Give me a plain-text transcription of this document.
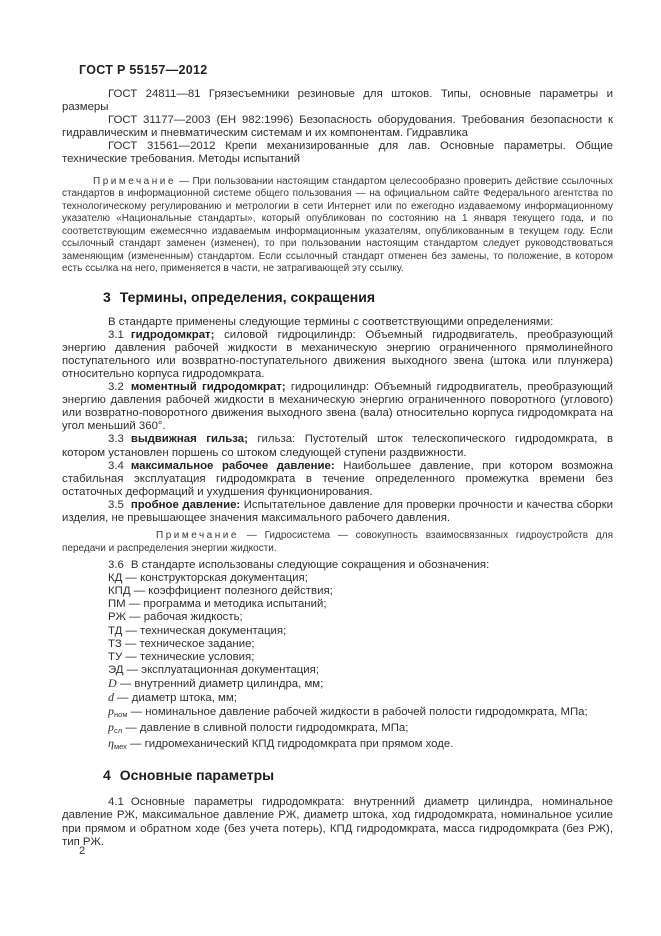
ГОСТ Р 55157—2012

ГОСТ 24811—81 Грязесъемники резиновые для штоков. Типы, основные параметры и размеры

ГОСТ 31177—2003 (ЕН 982:1996) Безопасность оборудования. Требования безопасности к гидравлическим и пневматическим системам и их компонентам. Гидравлика

ГОСТ 31561—2012 Крепи механизированные для лав. Основные параметры. Общие технические требования. Методы испытаний

Примечание — При пользовании настоящим стандартом целесообразно проверить действие ссылочных стандартов в информационной системе общего пользования — на официальном сайте Федерального агентства по технологическому регулированию и метрологии в сети Интернет или по ежегодно издаваемому информационному указателю «Национальные стандарты», который опубликован по состоянию на 1 января текущего года, и по соответствующим ежемесячно издаваемым информационным указателям, опубликованным в текущем году. Если ссылочный стандарт заменен (изменен), то при пользовании настоящим стандартом следует руководствоваться заменяющим (измененным) стандартом. Если ссылочный стандарт отменен без замены, то положение, в котором есть ссылка на него, применяется в части, не затрагивающей эту ссылку.

3 Термины, определения, сокращения

В стандарте применены следующие термины с соответствующими определениями:

3.1 гидродомкрат; силовой гидроцилиндр: Объемный гидродвигатель, преобразующий энергию давления рабочей жидкости в механическую энергию ограниченного прямолинейного поступательного или возвратно-поступательного движения выходного звена (штока или плунжера) относительно корпуса гидродомкрата.

3.2 моментный гидродомкрат; гидроцилиндр: Объемный гидродвигатель, преобразующий энергию давления рабочей жидкости в механическую энергию ограниченного поворотного (углового) или возвратно-поворотного движения выходного звена (вала) относительно корпуса гидродомкрата на угол меньший 360°.

3.3 выдвижная гильза; гильза: Пустотелый шток телескопического гидродомкрата, в котором установлен поршень со штоком следующей ступени раздвижности.

3.4 максимальное рабочее давление: Наибольшее давление, при котором возможна стабильная эксплуатация гидродомкрата в течение определенного промежутка времени без остаточных деформаций и ухудшения функционирования.

3.5 пробное давление: Испытательное давление для проверки прочности и качества сборки изделия, не превышающее значения максимального рабочего давления.

Примечание — Гидросистема — совокупность взаимосвязанных гидроустройств для передачи и распределения энергии жидкости.

3.6 В стандарте использованы следующие сокращения и обозначения:

КД — конструкторская документация;

КПД — коэффициент полезного действия;

ПМ — программа и методика испытаний;

РЖ — рабочая жидкость;

ТД — техническая документация;

ТЗ — техническое задание;

ТУ — технические условия;

ЭД — эксплуатационная документация;

D — внутренний диаметр цилиндра, мм;

d — диаметр штока, мм;

$р_{ном}$ — номинальное давление рабочей жидкости в рабочей полости гидродомкрата, МПа;

$р_{сл}$ — давление в сливной полости гидродомкрата, МПа;

$\eta_{мех}$ — гидромеханический КПД гидродомкрата при прямом ходе.

4 Основные параметры

4.1 Основные параметры гидродомкрата: внутренний диаметр цилиндра, номинальное давление РЖ, максимальное давление РЖ, диаметр штока, ход гидродомкрата, номинальное усилие при прямом и обратном ходе (без учета потерь), КПД гидродомкрата, масса гидродомкрата (без РЖ), тип РЖ.

2
